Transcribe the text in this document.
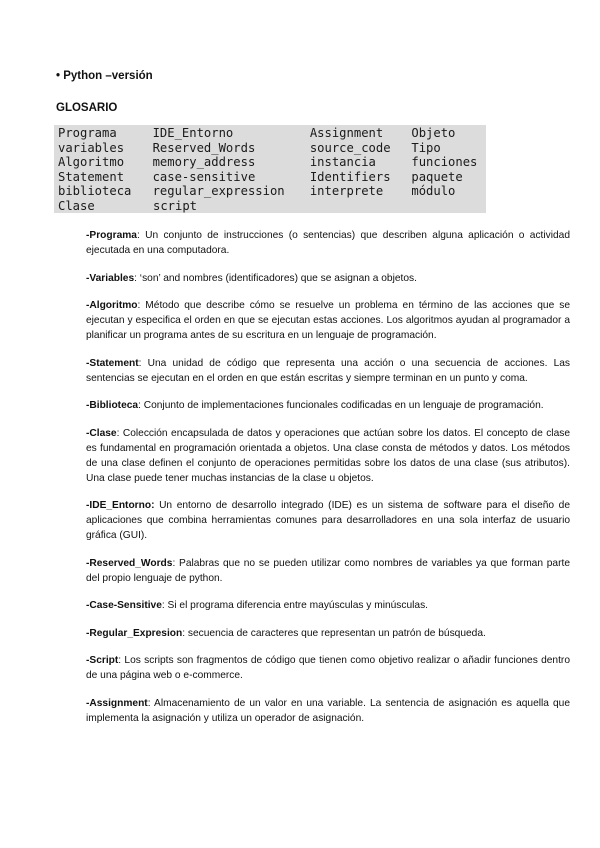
• Python –versión
GLOSARIO
Programa	IDE_Entorno	Assignment	Objeto
variables	Reserved_Words	source_code	Tipo
Algoritmo	memory_address	instancia	funciones
Statement	case-sensitive	Identifiers	paquete
biblioteca	regular_expression	interprete	módulo
Clase	script

-Programa: Un conjunto de instrucciones (o sentencias) que describen alguna aplicación o actividad ejecutada en una computadora.

-Variables: ‘son’ and nombres (identificadores) que se asignan a objetos.

-Algoritmo: Método que describe cómo se resuelve un problema en término de las acciones que se ejecutan y especifica el orden en que se ejecutan estas acciones. Los algoritmos ayudan al programador a planificar un programa antes de su escritura en un lenguaje de programación.

-Statement: Una unidad de código que representa una acción o una secuencia de acciones. Las sentencias se ejecutan en el orden en que están escritas y siempre terminan en un punto y coma.

-Biblioteca: Conjunto de implementaciones funcionales codificadas en un lenguaje de programación.

-Clase: Colección encapsulada de datos y operaciones que actúan sobre los datos. El concepto de clase es fundamental en programación orientada a objetos. Una clase consta de métodos y datos. Los métodos de una clase definen el conjunto de operaciones permitidas sobre los datos de una clase (sus atributos). Una clase puede tener muchas instancias de la clase u objetos.

-IDE_Entorno: Un entorno de desarrollo integrado (IDE) es un sistema de software para el diseño de aplicaciones que combina herramientas comunes para desarrolladores en una sola interfaz de usuario gráfica (GUI).

-Reserved_Words: Palabras que no se pueden utilizar como nombres de variables ya que forman parte del propio lenguaje de python.

-Case-Sensitive: Si el programa diferencia entre mayúsculas y minúsculas.

-Regular_Expresion: secuencia de caracteres que representan un patrón de búsqueda.

-Script: Los scripts son fragmentos de código que tienen como objetivo realizar o añadir funciones dentro de una página web o e-commerce.

-Assignment: Almacenamiento de un valor en una variable. La sentencia de asignación es aquella que implementa la asignación y utiliza un operador de asignación.
